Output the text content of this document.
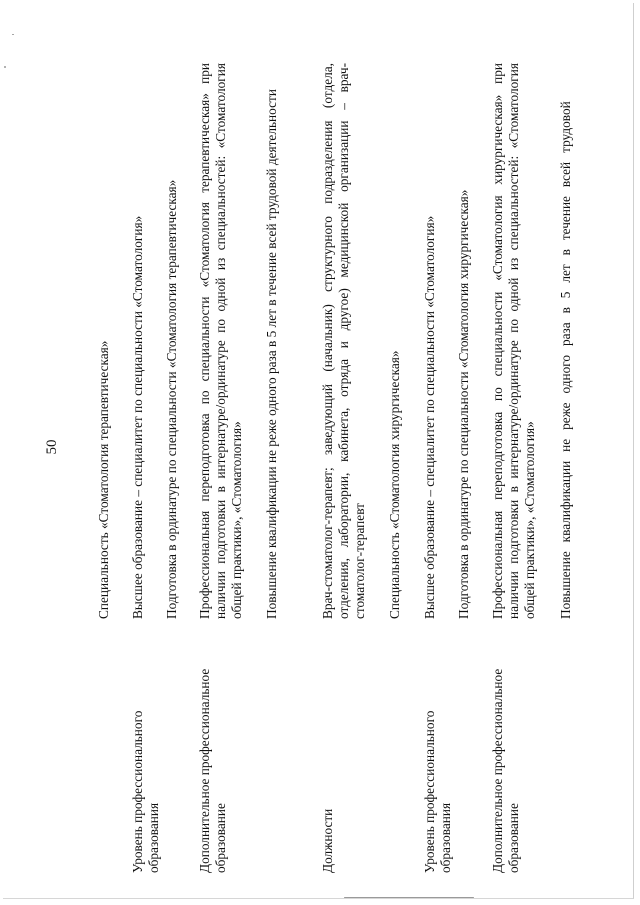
50	Специальность «Стоматология терапевтическая»
Уровень профессионального образования
Высшее образование – специалитет по специальности «Стоматология» Подготовка в ординатуре по специальности «Стоматология терапевтическая»
Дополнительное профессиональное образование
Профессиональная переподготовка по специальности «Стоматология терапевтическая» при наличии подготовки в интернатуре/ординатуре по одной из специальностей: «Стоматология общей практики», «Стоматология» Повышение квалификации не реже одного раза в 5 лет в течение всей трудовой деятельности
Должности
Врач-стоматолог-терапевт; заведующий (начальник) структурного подразделения (отдела, отделения, лаборатории, кабинета, отряда и другое) медицинской организации – врач-стоматолог-терапевт Специальность «Стоматология хирургическая»
Уровень профессионального образования
Высшее образование – специалитет по специальности «Стоматология» Подготовка в ординатуре по специальности «Стоматология хирургическая»
Дополнительное профессиональное образование
Профессиональная переподготовка по специальности «Стоматология хирургическая» при наличии подготовки в интернатуре/ординатуре по одной из специальностей: «Стоматология общей практики», «Стоматология» Повышение квалификации не реже одного раза в 5 лет в течение всей трудовой
